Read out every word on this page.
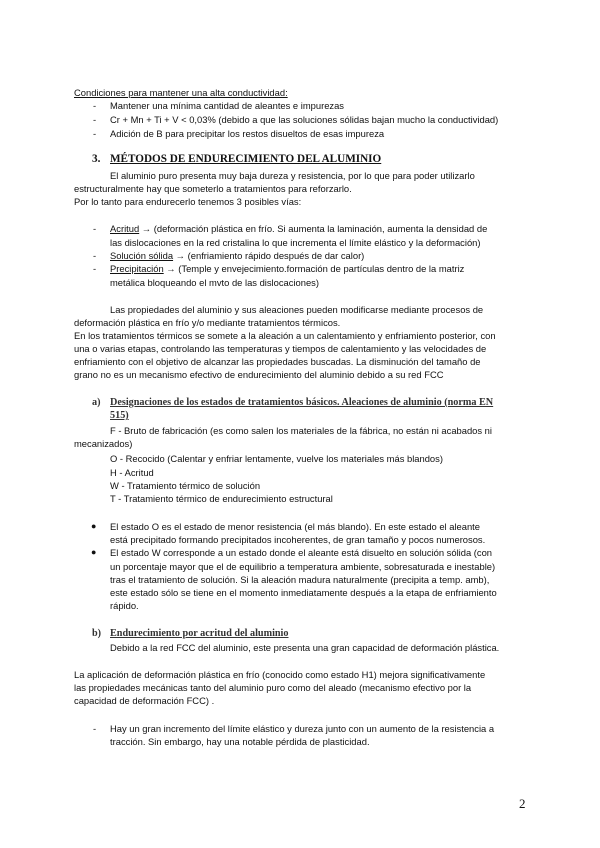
Condiciones para mantener una alta conductividad:
- Mantener una mínima cantidad de aleantes e impurezas
- Cr + Mn + Ti + V < 0,03% (debido a que las soluciones sólidas bajan mucho la conductividad)
- Adición de B para precipitar los restos disueltos de esas impureza
3. MÉTODOS DE ENDURECIMIENTO DEL ALUMINIO
El aluminio puro presenta muy baja dureza y resistencia, por lo que para poder utilizarlo
estructuralmente hay que someterlo a tratamientos para reforzarlo.
Por lo tanto para endurecerlo tenemos 3 posibles vías:
- Acritud → (deformación plástica en frío. Si aumenta la laminación, aumenta la densidad de
las dislocaciones en la red cristalina lo que incrementa el límite elástico y la deformación)
- Solución sólida → (enfriamiento rápido después de dar calor)
- Precipitación → (Temple y envejecimiento.formación de partículas dentro de la matriz
metálica bloqueando el mvto de las dislocaciones)
Las propiedades del aluminio y sus aleaciones pueden modificarse mediante procesos de
deformación plástica en frío y/o mediante tratamientos térmicos.
En los tratamientos térmicos se somete a la aleación a un calentamiento y enfriamiento posterior, con
una o varias etapas, controlando las temperaturas y tiempos de calentamiento y las velocidades de
enfriamiento con el objetivo de alcanzar las propiedades buscadas. La disminución del tamaño de
grano no es un mecanismo efectivo de endurecimiento del aluminio debido a su red FCC
a) Designaciones de los estados de tratamientos básicos. Aleaciones de aluminio (norma EN
515)
F - Bruto de fabricación (es como salen los materiales de la fábrica, no están ni acabados ni
mecanizados)
O - Recocido (Calentar y enfriar lentamente, vuelve los materiales más blandos)
H - Acritud
W - Tratamiento térmico de solución
T - Tratamiento térmico de endurecimiento estructural
● El estado O es el estado de menor resistencia (el más blando). En este estado el aleante
está precipitado formando precipitados incoherentes, de gran tamaño y pocos numerosos.
● El estado W corresponde a un estado donde el aleante está disuelto en solución sólida (con
un porcentaje mayor que el de equilibrio a temperatura ambiente, sobresaturada e inestable)
tras el tratamiento de solución. Si la aleación madura naturalmente (precipita a temp. amb),
este estado sólo se tiene en el momento inmediatamente después a la etapa de enfriamiento
rápido.
b) Endurecimiento por acritud del aluminio
Debido a la red FCC del aluminio, este presenta una gran capacidad de deformación plástica.
La aplicación de deformación plástica en frío (conocido como estado H1) mejora significativamente
las propiedades mecánicas tanto del aluminio puro como del aleado (mecanismo efectivo por la
capacidad de deformación FCC) .
- Hay un gran incremento del límite elástico y dureza junto con un aumento de la resistencia a
tracción. Sin embargo, hay una notable pérdida de plasticidad.
2
